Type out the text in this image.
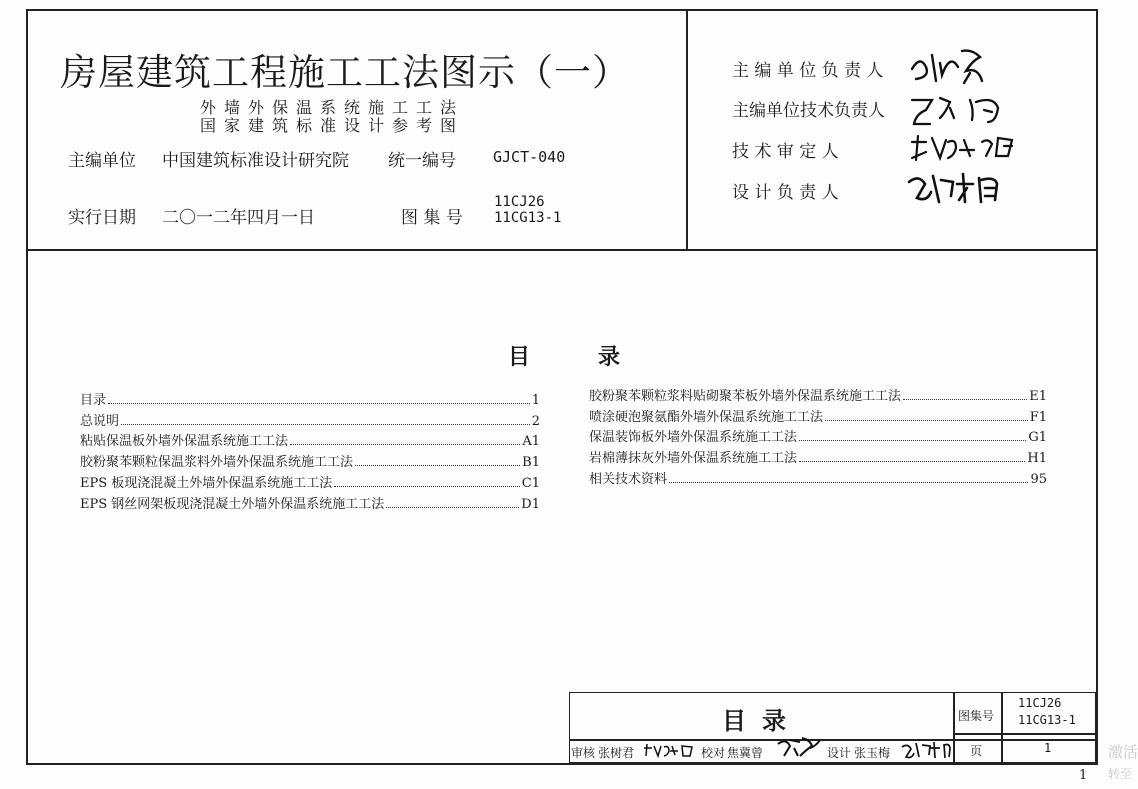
房屋建筑工程施工工法图示（一）
外墙外保温系统施工工法
国家建筑标准设计参考图
主编单位 中国建筑标准设计研究院 统一编号 GJCT-040
实行日期 二〇一二年四月一日	图 集 号
11CJ26
11CG13-1
主 编 单 位 负 责 人
主编单位技术负责人
技 术 审 定 人
设 计 负 责 人
目	录
目录	1
总说明	2
粘贴保温板外墙外保温系统施工工法	A1
胶粉聚苯颗粒保温浆料外墙外保温系统施工工法	B1
EPS 板现浇混凝土外墙外保温系统施工工法	C1
EPS 钢丝网架板现浇混凝土外墙外保温系统施工工法	D1
胶粉聚苯颗粒浆料贴砌聚苯板外墙外保温系统施工工法	E1
喷涂硬泡聚氨酯外墙外保温系统施工工法	F1
保温装饰板外墙外保温系统施工工法	G1
岩棉薄抹灰外墙外保温系统施工工法	H1
相关技术资料	95
目录	图集号
11CJ26
11CG13-1
审核 张树君	校对 焦冀曾	设计 张玉梅	页	1
1
激活
转至
